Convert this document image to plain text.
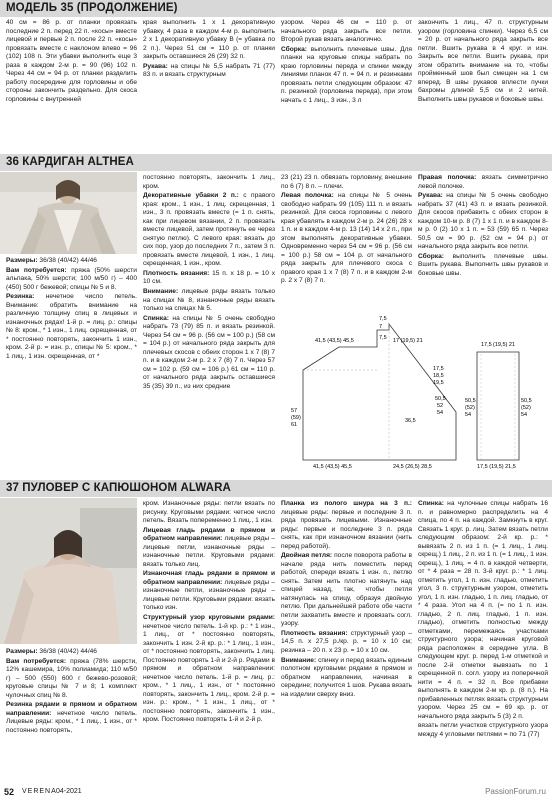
МОДЕЛЬ 35 (ПРОДОЛЖЕНИЕ)

40 см = 86 р. от планки провязать последние 2 п. перед 22 п. «косы» вместе лицевой и первые 2 п. после 22 п. «косы» провязать вместе с наклоном влево = 96 (102) 108 п. Эти убавки выполнить еще 3 раза в каждом 2-м р. = 90 (96) 102 п. Через 44 см = 94 р. от планки разделить работу посередине для горловины и обе стороны закончить раздельно. Для скоса горловины с внутренней

края выполнить 1 х 1 декоративную убавку, 4 раза в каждом 4-м р. выполнить 2 х 1 декоративную убавку В (= убавка по 2 п.). Через 51 см = 110 р. от планки закрыть оставшиеся 26 (29) 32 п.

Рукава: на спицы № 5,5 набрать 71 (77) 83 п. и вязать структурным

узором. Через 46 см = 110 р. от начального ряда закрыть все петли. Второй рукав вязать аналогично.

Сборка: выполнить плечевые швы. Для планки на круговые спицы набрать по краю горловины переда и спинки между линиями планок 47 п. = 94 п. и резинками провязать петли следующим образом: 47 п. резинкой (горловина переда), при этом начать с 1 лиц., 3 изн., 3 л

закончить 1 лиц., 47 п. структурным узором (горловина спинки). Через 6,5 см = 20 р. от начального ряда закрыть все петли. Вшить рукава в 4 круг. и изн. Закрыть все петли. Вшить рукава, при этом обратить внимание на то, чтобы пройменный шов был смещен на 1 см вперед. В швы рукавов вплести пучки бахромы длиной 5,5 см и 2 нитей. Выполнить швы рукавов и боковые швы.

36 КАРДИГАН ALTHEA

Размеры: 36/38 (40/42) 44/46

Вам потребуется: пряжа (50% шерсти альпака, 50% шерсти; 100 м/50 г) – 400 (450) 500 г бежевой; спицы № 5 и 8.

Резинка: нечетное число петель. Внимание: обратить внимание на различную толщину спиц в лицевых и изнаночных рядах! 1-й р. = лиц. р.: спицы № 8: кром., * 1 изн., 1 лиц. скрещенная, от * постоянно повторять, закончить 1 изн., кром. 2-й р. = изн. р., спицы № 5: кром., * 1 лиц., 1 изн. скрещенная, от *

постоянно повторять, закончить 1 лиц., кром.

Декоративные убавки 2 п.: с правого края: кром., 1 изн., 1 лиц. скрещенная, 1 изн., 3 п. провязать вместе (= 1 п. снять, как при лицевом вязании, 2 п. провязать вместе лицевой, затем протянуть ее через снятую петлю). С левого края: вязать до сих пор, узор до последних 7 п., затем 3 п. провязать вместе лицевой, 1 изн., 1 лиц. скрещенная, 1 изн., кром.

Плотность вязания: 15 п. х 18 р. = 10 х 10 см.

Внимание: лицевые ряды вязать только на спицах № 8, изнаночные ряды вязать только на спицах № 5.

Спинка: на спицы № 5 очень свободно набрать 73 (79) 85 п. и вязать резинкой. Через 54 см = 96 р. (56 см = 100 р.) (58 см = 104 р.) от начального ряда закрыть для плечевых скосов с обеих сторон 1 х 7 (8) 7 п. и в каждом 2-м р. 2 х 7 (8) 7 п. Через 57 см = 102 р. (59 см = 106 р.) 61 см = 110 р. от начального ряда закрыть оставшиеся 35 (35) 39 п., из них средние

23 (21) 23 п. обвязать горловину, внешние по 6 (7) 8 п. – плечи.

Левая полочка: на спицы № 5 очень свободно набрать 99 (105) 111 п. и вязать резинкой. Для скоса горловины с левого края убавлять в каждом 2-м р. 24 (26) 28 х 1 п. и в каждом 4-м р. 13 (14) 14 х 2 п., при этом выполнять декоративные убавки. Одновременно через 54 см = 96 р. (56 см = 100 р.) 58 см = 104 р. от начального ряда закрыть для плечевого скоса с правого края 1 х 7 (8) 7 п. и в каждом 2-м р. 2 х 7 (8) 7 п.

Правая полочка: вязать симметрично левой полочке.

Рукава: на спицы № 5 очень свободно набрать 37 (41) 43 п. и вязать резинкой. Для скосов прибавить с обеих сторон в каждом 10-м р. 8 (7) 1 х 1 п. и в каждом 8-м р. 0 (2) 10 х 1 п. = 53 (59) 65 п. Через 50,5 см = 90 р. (52 см = 94 р.) от начального ряда закрыть все петли.

Сборка: выполнить плечевые швы. Вшить рукава. Выполнить швы рукавов и боковые швы.

41,5 (43,5) 45,5
7,5
7
7,5 17 (19,5) 21
57
(59)
61
36,5
50,5
52
54
17,5
18,5
19,5
41,5 (43,5) 45,5	24,5 (26,5) 28,5
17,5 (19,5) 21
50,5
(52)
54
50,5
(52)
54
17,5 (19,5) 21,5
37 ПУЛОВЕР С КАПЮШОНОМ ALWARA

Размеры: 36/38 (40/42) 44/46

Вам потребуется: пряжа (78% шерсти, 12% кашемира, 10% полиамида; 110 м/50 г) – 500 (550) 600 г бежево-розовой; круговые спицы № 7 и 8; 1 комплект чулочных спиц № 8.

Резинка рядами в прямом и обратном направлении: нечетное число петель. Лицевые ряды: кром., * 1 лиц., 1 изн., от * постоянно повторять,

кром. Изнаночные ряды: петли вязать по рисунку. Круговыми рядами: четное число петель. Вязать попеременно 1 лиц., 1 изн.

Лицевая гладь рядами в прямом и обратном направлении: лицевые ряды – лицевые петли, изнаночные ряды – изнаночные петли. Круговыми рядами: вязать только лиц.

Изнаночная гладь рядами в прямом и обратном направлении: лицевые ряды – изнаночные петли, изнаночные ряды – лицевые петли. Круговыми рядами: вязать только изн.

Структурный узор круговыми рядами: нечетное число петель. 1-й кр. р.: * 1 изн., 1 лиц., от * постоянно повторять, закончить 1 изн. 2-й кр. р.: * 1 лиц., 1 изн., от * постоянно повторять, закончить 1 лиц. Постоянно повторять 1-й и 2-й р. Рядами в прямом и обратном направлении: нечетное число петель. 1-й р. = лиц. р.: кром., * 1 лиц., 1 изн., от * постоянно повторять, закончить 1 лиц., кром. 2-й р. = изн. р.: кром., * 1 изн., 1 лиц., от * постоянно повторять, закончить 1 изн., кром. Постоянно повторять 1-й и 2-й р.

Планка из полого шнура на 3 п.: лицевые ряды: первые и последние 3 п. ряда провязать лицевыми. Изнаночные ряды: первые и последние 3 п. ряда снять, как при изнаночном вязании (нить перед работой).

Двойная петля: после поворота работы в начале ряда нить поместить перед работой, спереди вязать 1 изн. п., петлю снять. Затем нить плотно натянуть над спицей назад, так, чтобы петля натянулась на спицу, образуя двойную петлю. При дальнейшей работе обе части петли захватить вместе и провязать согл. узору.

Плотность вязания: структурный узор – 14,5 п. х 27,5 р./кр. р. = 10 х 10 см; резинка – 20 п. х 23 р. = 10 х 10 см.

Внимание: спинку и перед вязать единым полотном круговыми рядами в прямом и обратном направлении, начиная в середине; получится 1 шов. Рукава вязать на изделии сверху вниз.

Спинка: на чулочные спицы набрать 16 п. и равномерно распределить на 4 спица, по 4 п. на каждой. Замкнуть в круг. Связать 1 круг. р. лиц. Затем вязать петли следующим образом: 2-й кр. р.: * вывязать 2 п. из 1 п. (= 1 лиц., 1 лиц. скрещ.) 1 лиц., 2 п. из 1 п. (= 1 лиц., 1 изн. скрещ.), 1 лиц. = 4 п. в каждой четверти, от * 4 раза = 28 п. 3-й круг. р.: * 1 лиц. отметить угол, 1 п. изн. гладью, отметить угол, 3 п. структурным узором, отметить угол, 1 п. изн. гладью, 1 п. лиц. гладью, от * 4 раза. Угол на 4 п. (= по 1 п. изн. гладью, 2 п. лиц. гладью, 1 п. изн. гладью), отметить полностью между отметками, перемежаясь участками структурного узора; начиная круговой ряда расположен в середине угла. В следующем круг. р. перед 1-м отметкой и после 2-й отметки вывязать по 1 скрещенной п. согл. узору из поперечной нити = 4 п. = 32 п. Все прибавки выполнять в каждом 2-м кр. р. (8 п.). На прибавленных петлях вязать структурным узором. Через 25 см = 69 кр. р. от начального ряда закрыть 5 (3) 2 п.

вязать петли участков структурного узора между 4 угловыми петлями = по 71 (77)

52 VERENA 04-2021	PassionForum.ru
